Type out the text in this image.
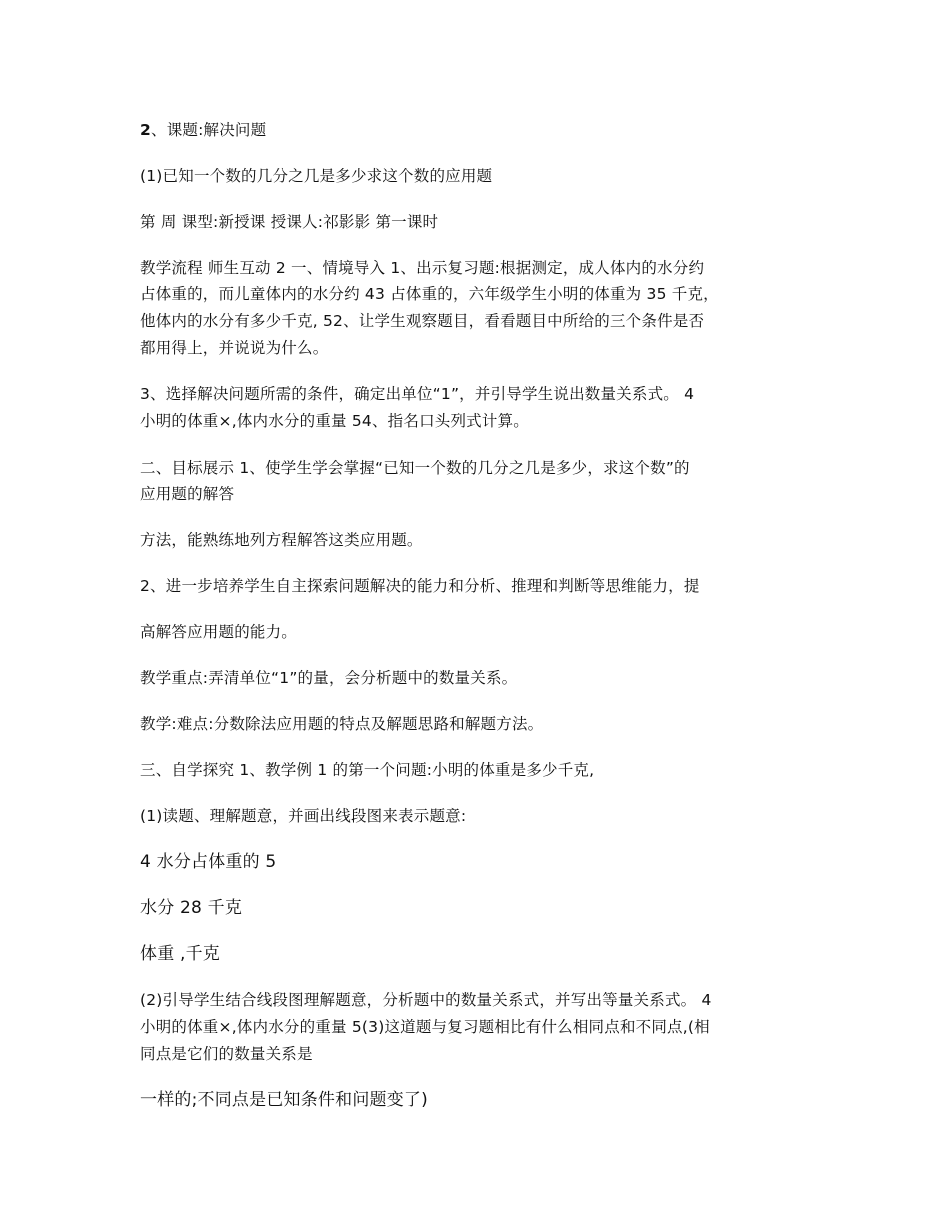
2、课题:解决问题
(1)已知一个数的几分之几是多少求这个数的应用题
第 周 课型:新授课 授课人:祁影影 第一课时
教学流程 师生互动 2 一、情境导入 1、出示复习题:根据测定，成人体内的水分约
占体重的，而儿童体内的水分约 43 占体重的，六年级学生小明的体重为 35 千克，
他体内的水分有多少千克, 52、让学生观察题目，看看题目中所给的三个条件是否
都用得上，并说说为什么。
3、选择解决问题所需的条件，确定出单位“1”，并引导学生说出数量关系式。 4
小明的体重×,体内水分的重量 54、指名口头列式计算。
二、目标展示 1、使学生学会掌握“已知一个数的几分之几是多少，求这个数”的
应用题的解答
方法，能熟练地列方程解答这类应用题。
2、进一步培养学生自主探索问题解决的能力和分析、推理和判断等思维能力，提
高解答应用题的能力。
教学重点:弄清单位“1”的量，会分析题中的数量关系。
教学:难点:分数除法应用题的特点及解题思路和解题方法。
三、自学探究 1、教学例 1 的第一个问题:小明的体重是多少千克,
(1)读题、理解题意，并画出线段图来表示题意:
4 水分占体重的 5
水分 28 千克
体重 ,千克
(2)引导学生结合线段图理解题意，分析题中的数量关系式，并写出等量关系式。 4
小明的体重×,体内水分的重量 5(3)这道题与复习题相比有什么相同点和不同点,(相
同点是它们的数量关系是
一样的;不同点是已知条件和问题变了)
